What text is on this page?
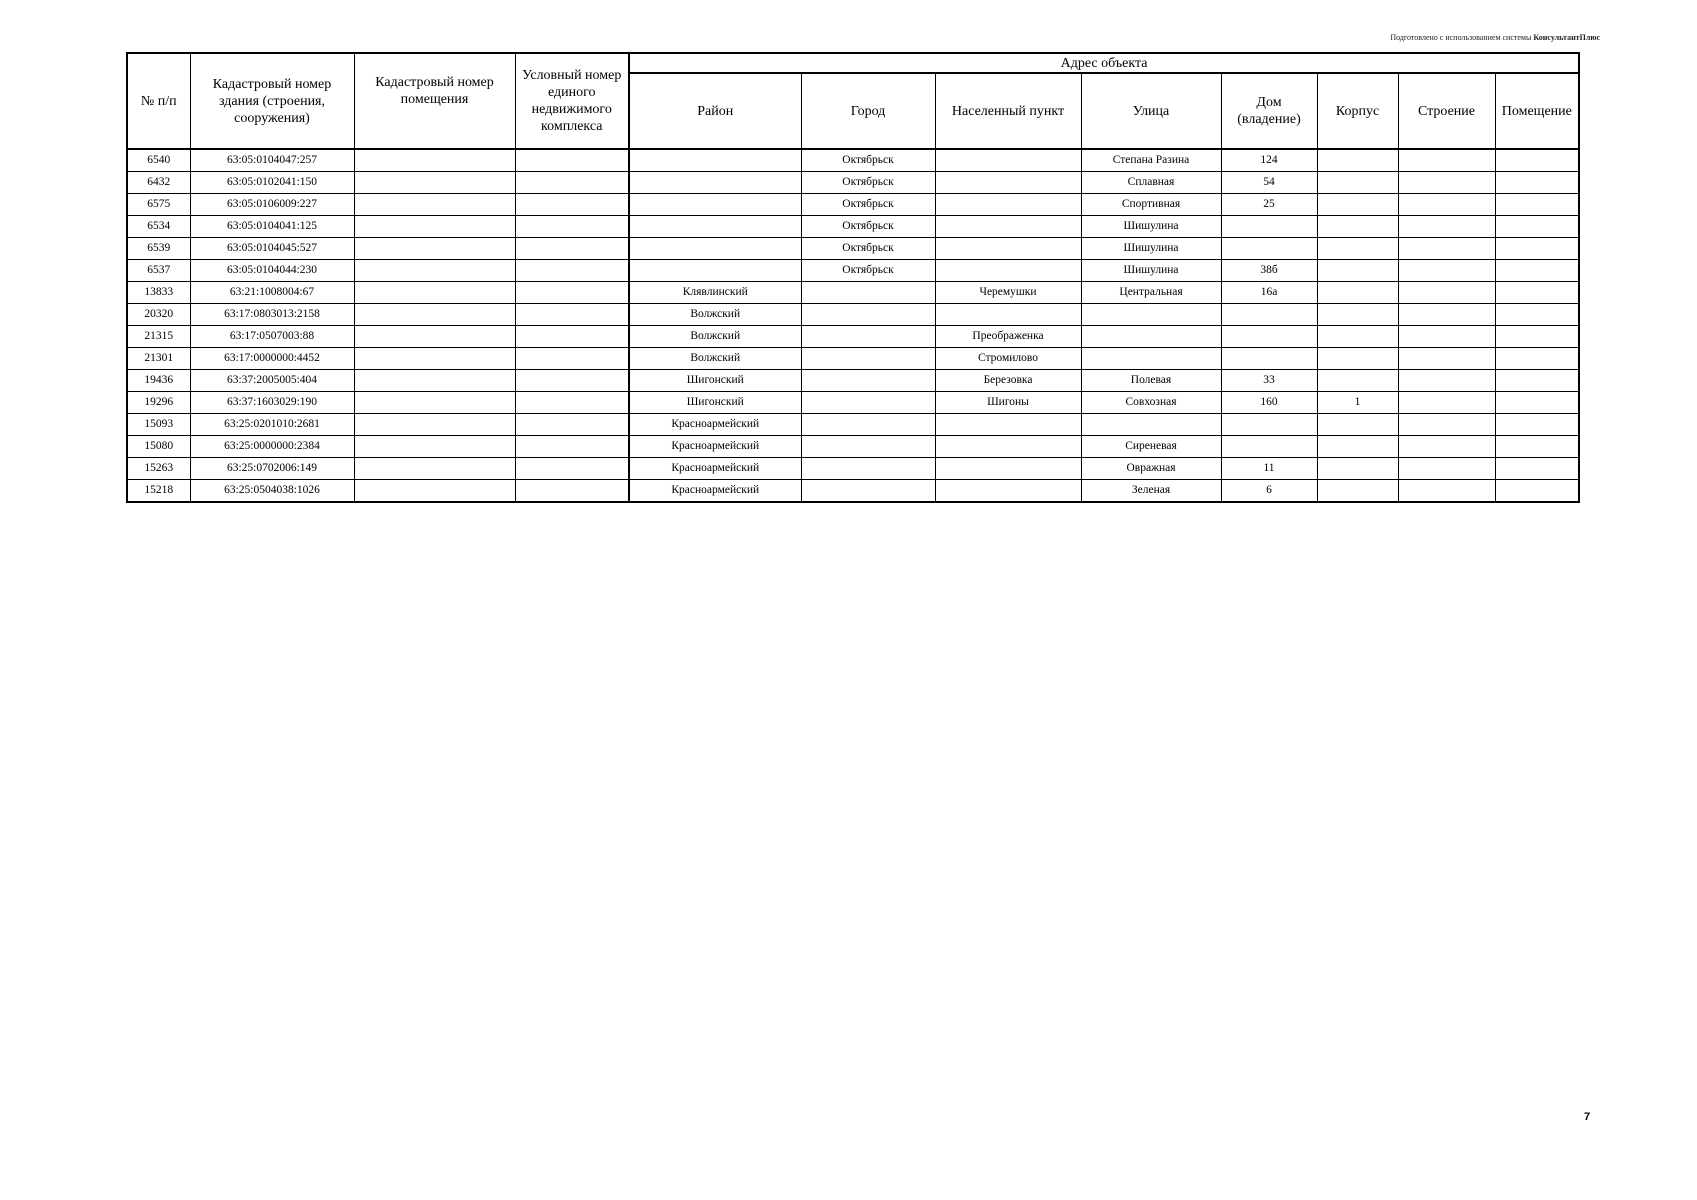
Подготовлено с использованием системы КонсультантПлюс
№ п/п	Кадастровый номер здания (строения, сооружения)	Кадастровый номер помещения	Условный номер единого недвижимого комплекса	Адрес объекта							
				Район	Город	Населенный пункт	Улица	Дом (владение)	Корпус	Строение	Помещение
6540	63:05:0104047:257				Октябрьск		Степана Разина	124			
6432	63:05:0102041:150				Октябрьск		Сплавная	54			
6575	63:05:0106009:227				Октябрьск		Спортивная	25			
6534	63:05:0104041:125				Октябрьск		Шишулина				
6539	63:05:0104045:527				Октябрьск		Шишулина				
6537	63:05:0104044:230				Октябрьск		Шишулина	38б			
13833	63:21:1008004:67			Клявлинский		Черемушки	Центральная	16а			
20320	63:17:0803013:2158			Волжский							
21315	63:17:0507003:88			Волжский		Преображенка					
21301	63:17:0000000:4452			Волжский		Стромилово					
19436	63:37:2005005:404			Шигонский		Березовка	Полевая	33			
19296	63:37:1603029:190			Шигонский		Шигоны	Совхозная	160	1		
15093	63:25:0201010:2681			Красноармейский							
15080	63:25:0000000:2384			Красноармейский			Сиреневая				
15263	63:25:0702006:149			Красноармейский			Овражная	11			
15218	63:25:0504038:1026			Красноармейский			Зеленая	6			
7
